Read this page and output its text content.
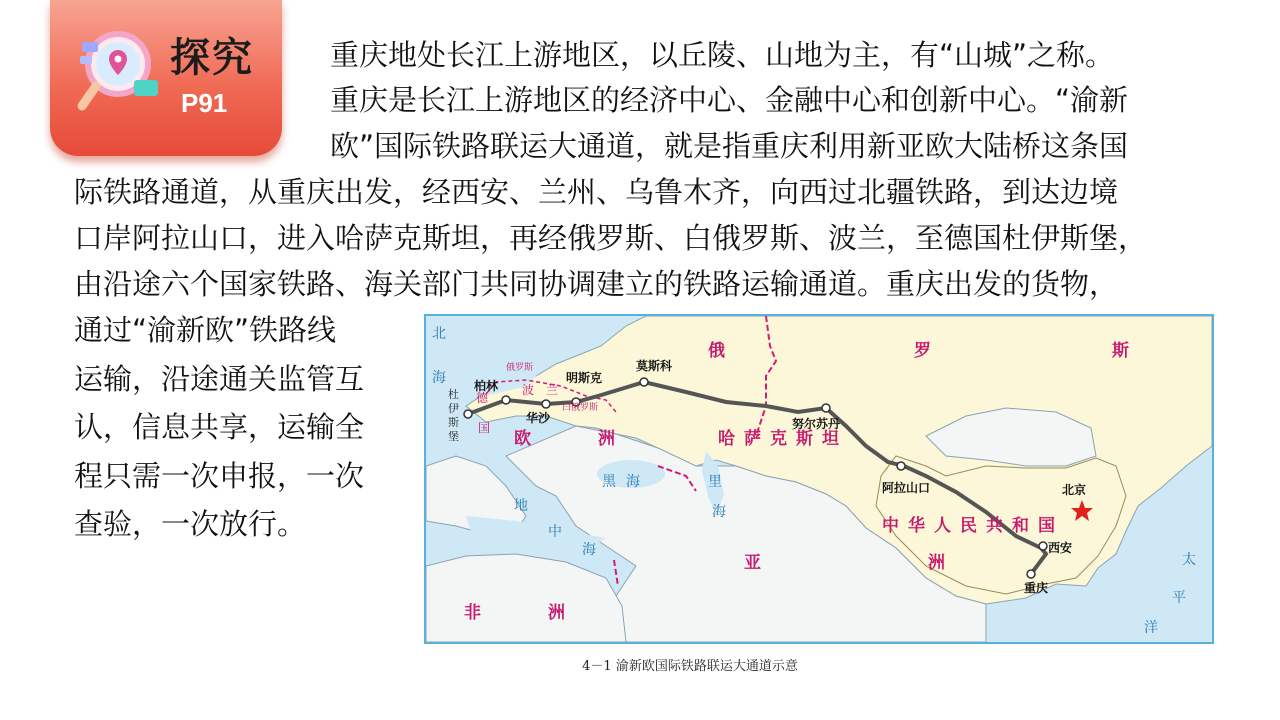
探究
P91
重庆地处长江上游地区，以丘陵、山地为主，有“山城”之称。
重庆是长江上游地区的经济中心、金融中心和创新中心。“渝新
欧”国际铁路联运大通道，就是指重庆利用新亚欧大陆桥这条国
际铁路通道，从重庆出发，经西安、兰州、乌鲁木齐，向西过北疆铁路，到达边境
口岸阿拉山口，进入哈萨克斯坦，再经俄罗斯、白俄罗斯、波兰，至德国杜伊斯堡，
由沿途六个国家铁路、海关部门共同协调建立的铁路运输通道。重庆出发的货物，
通过“渝新欧”铁路线
运输，沿途通关监管互
认，信息共享，运输全
程只需一次申报，一次
查验，一次放行。
俄	罗	斯
哈萨克斯坦
中华人民共和国
欧	洲
亚	洲
非	洲
波 兰
德
国
俄罗斯
白俄罗斯
北
海
黑 海	里
海
地
中
海
太
平
洋
杜
伊
斯
堡
柏林
华沙
明斯克
莫斯科
努尔苏丹
阿拉山口	北京
西安
重庆
4－1 渝新欧国际铁路联运大通道示意
